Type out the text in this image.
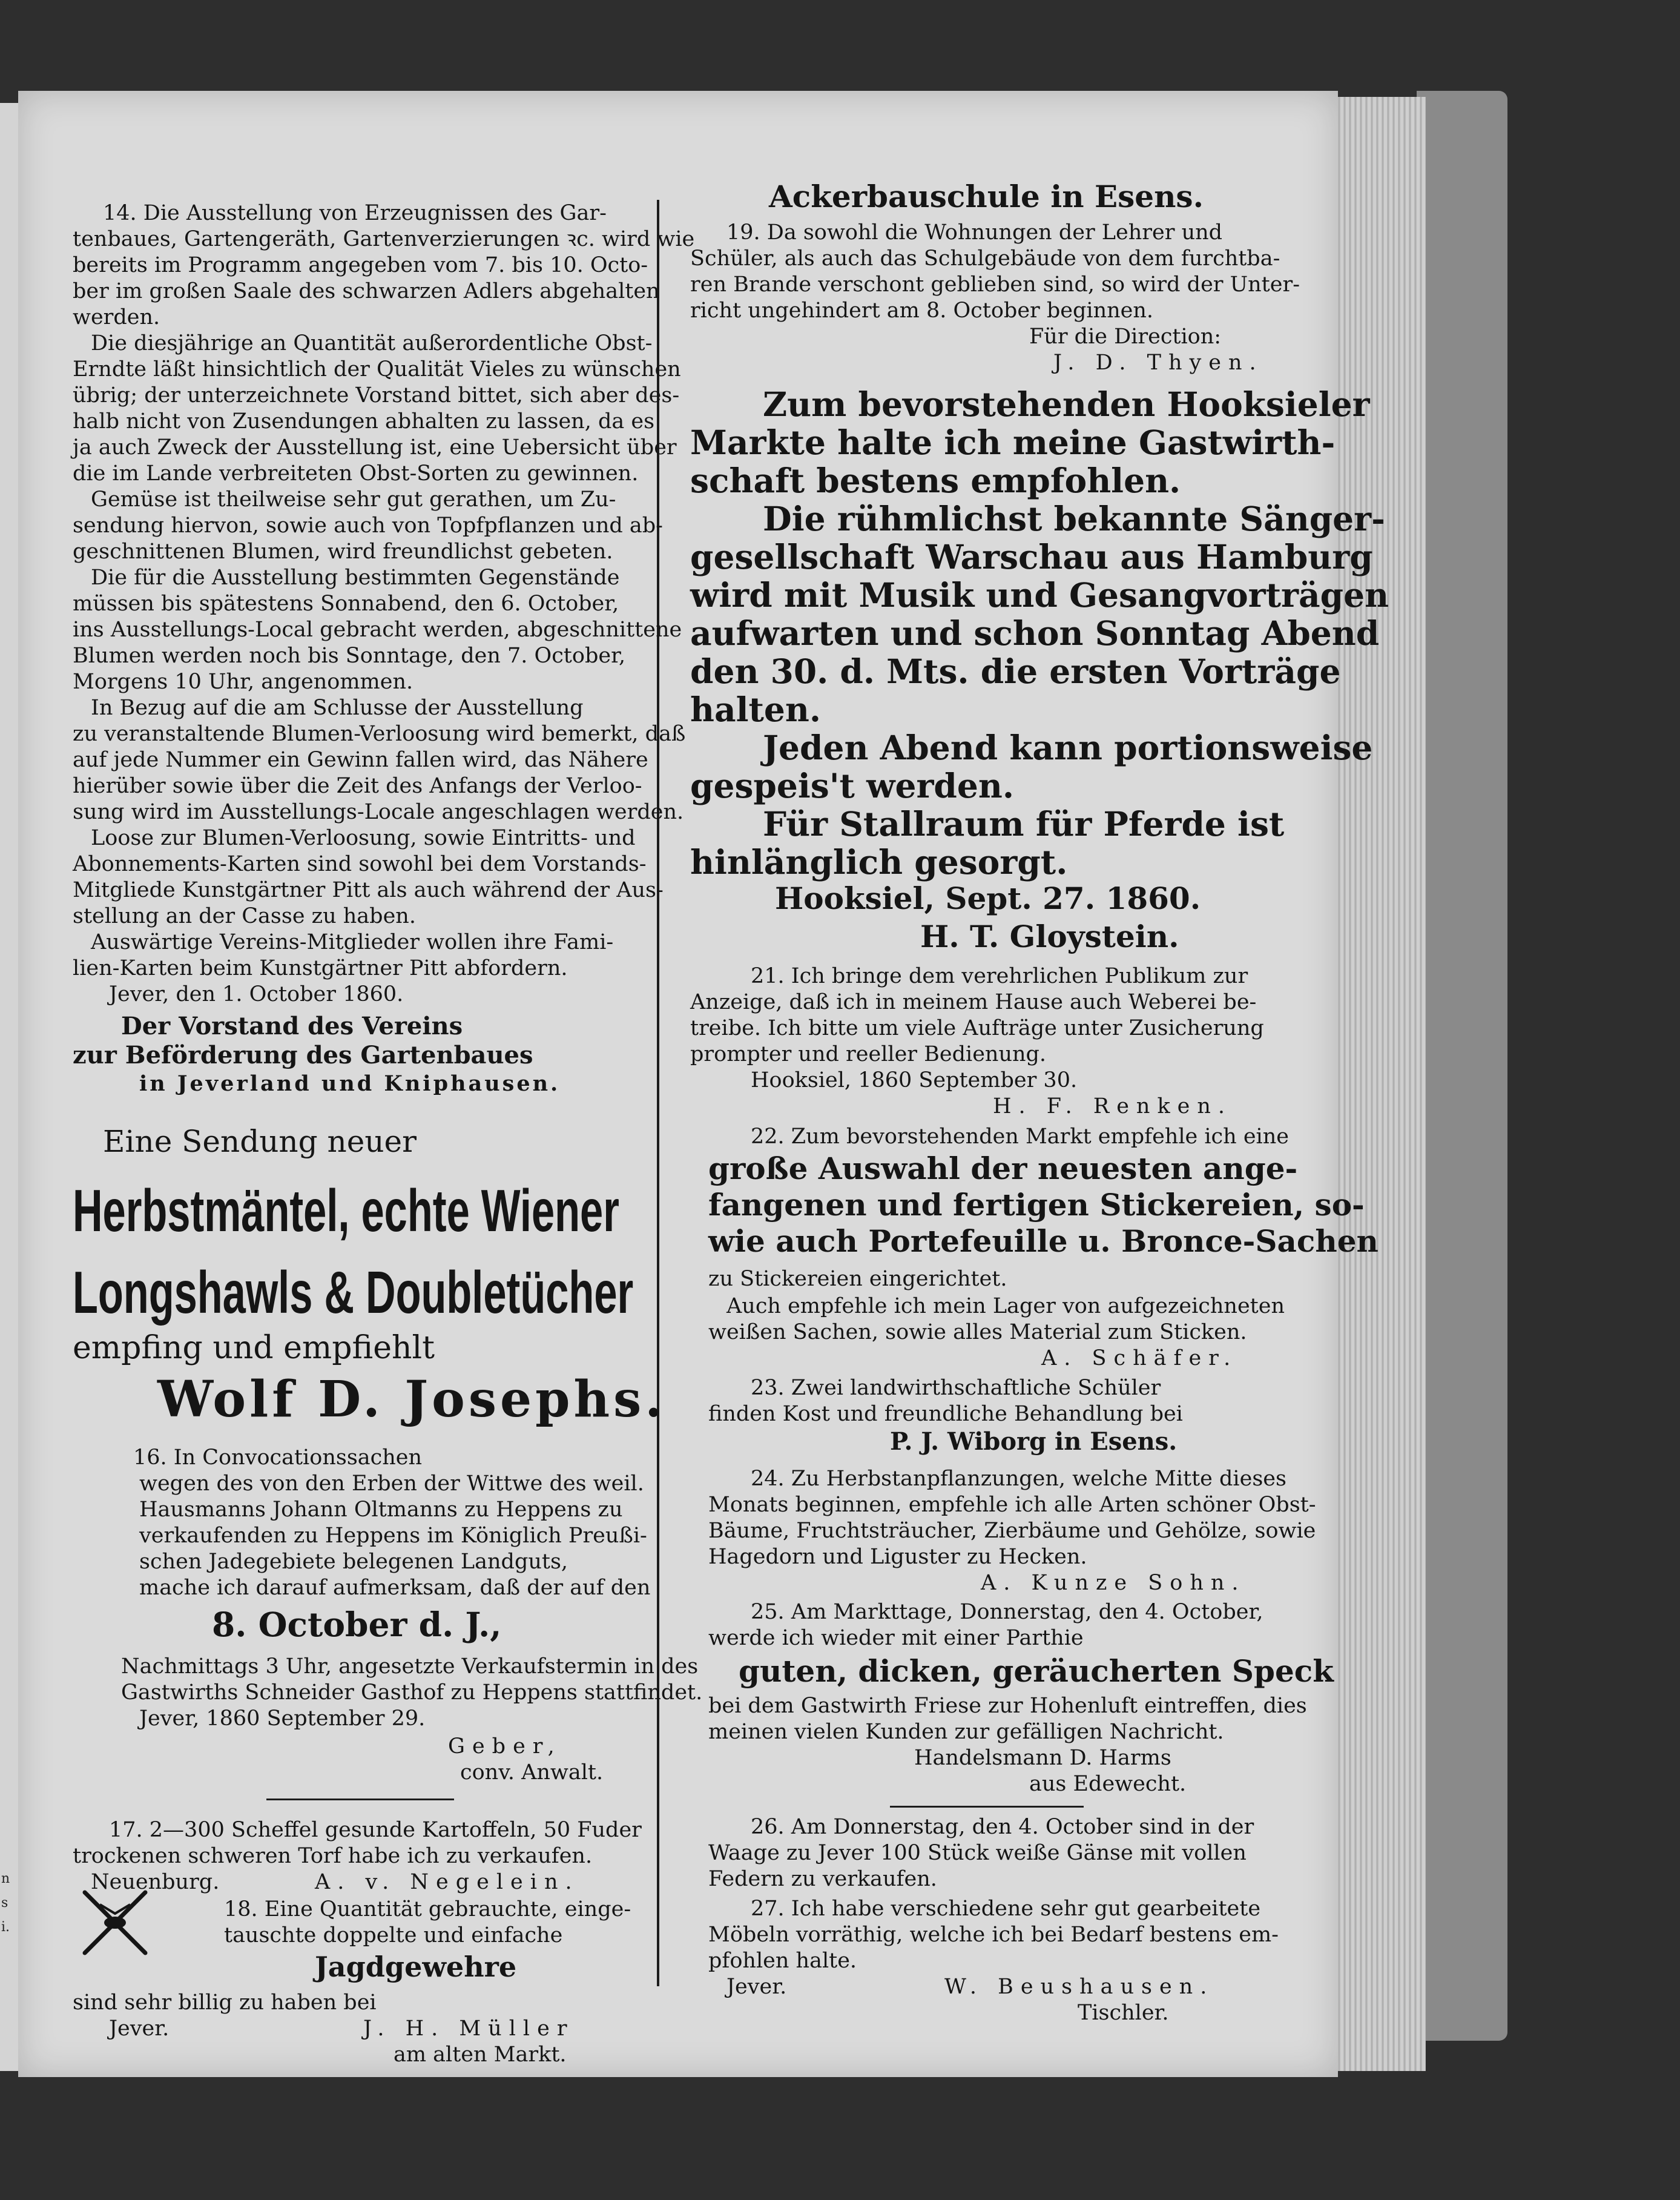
n
s
i.
14. Die Ausstellung von Erzeugnissen des Gar-
tenbaues, Gartengeräth, Gartenverzierungen ꝛc. wird wie
bereits im Programm angegeben vom 7. bis 10. Octo-
ber im großen Saale des schwarzen Adlers abgehalten
werden.
Die diesjährige an Quantität außerordentliche Obst-
Erndte läßt hinsichtlich der Qualität Vieles zu wünschen
übrig; der unterzeichnete Vorstand bittet, sich aber des-
halb nicht von Zusendungen abhalten zu lassen, da es
ja auch Zweck der Ausstellung ist, eine Uebersicht über
die im Lande verbreiteten Obst-Sorten zu gewinnen.
Gemüse ist theilweise sehr gut gerathen, um Zu-
sendung hiervon, sowie auch von Topfpflanzen und ab-
geschnittenen Blumen, wird freundlichst gebeten.
Die für die Ausstellung bestimmten Gegenstände
müssen bis spätestens Sonnabend, den 6. October,
ins Ausstellungs-Local gebracht werden, abgeschnittene
Blumen werden noch bis Sonntage, den 7. October,
Morgens 10 Uhr, angenommen.
In Bezug auf die am Schlusse der Ausstellung
zu veranstaltende Blumen-Verloosung wird bemerkt, daß
auf jede Nummer ein Gewinn fallen wird, das Nähere
hierüber sowie über die Zeit des Anfangs der Verloo-
sung wird im Ausstellungs-Locale angeschlagen werden.
Loose zur Blumen-Verloosung, sowie Eintritts- und
Abonnements-Karten sind sowohl bei dem Vorstands-
Mitgliede Kunstgärtner Pitt als auch während der Aus-
stellung an der Casse zu haben.
Auswärtige Vereins-Mitglieder wollen ihre Fami-
lien-Karten beim Kunstgärtner Pitt abfordern.
Jever, den 1. October 1860.
Der Vorstand des Vereins
zur Beförderung des Gartenbaues
in Jeverland und Kniphausen.
Eine Sendung neuer
Herbstmäntel, echte Wiener
Longshawls & Doubletücher
empfing und empfiehlt
Wolf D. Josephs.
16. In Convocationssachen
wegen des von den Erben der Wittwe des weil.
Hausmanns Johann Oltmanns zu Heppens zu
verkaufenden zu Heppens im Königlich Preußi-
schen Jadegebiete belegenen Landguts,
mache ich darauf aufmerksam, daß der auf den
8. October d. J.,
Nachmittags 3 Uhr, angesetzte Verkaufstermin in des
Gastwirths Schneider Gasthof zu Heppens stattfindet.
Jever, 1860 September 29.
Geber,
conv. Anwalt.
17. 2—300 Scheffel gesunde Kartoffeln, 50 Fuder
trockenen schweren Torf habe ich zu verkaufen.
Neuenburg.	A. v. Negelein.
18. Eine Quantität gebrauchte, einge-
tauschte doppelte und einfache
Jagdgewehre
sind sehr billig zu haben bei
Jever.	J. H. Müller
am alten Markt.
Ackerbauschule in Esens.
19. Da sowohl die Wohnungen der Lehrer und
Schüler, als auch das Schulgebäude von dem furchtba-
ren Brande verschont geblieben sind, so wird der Unter-
richt ungehindert am 8. October beginnen.
Für die Direction:
J. D. Thyen.
Zum bevorstehenden Hooksieler
Markte halte ich meine Gastwirth-
schaft bestens empfohlen.
Die rühmlichst bekannte Sänger-
gesellschaft Warschau aus Hamburg
wird mit Musik und Gesangvorträgen
aufwarten und schon Sonntag Abend
den 30. d. Mts. die ersten Vorträge
halten.
Jeden Abend kann portionsweise
gespeis't werden.
Für Stallraum für Pferde ist
hinlänglich gesorgt.
Hooksiel, Sept. 27. 1860.
H. T. Gloystein.
21. Ich bringe dem verehrlichen Publikum zur
Anzeige, daß ich in meinem Hause auch Weberei be-
treibe. Ich bitte um viele Aufträge unter Zusicherung
prompter und reeller Bedienung.
Hooksiel, 1860 September 30.
H. F. Renken.
22. Zum bevorstehenden Markt empfehle ich eine
große Auswahl der neuesten ange-
fangenen und fertigen Stickereien, so-
wie auch Portefeuille u. Bronce-Sachen
zu Stickereien eingerichtet.
Auch empfehle ich mein Lager von aufgezeichneten
weißen Sachen, sowie alles Material zum Sticken.
A. Schäfer.
23. Zwei landwirthschaftliche Schüler
finden Kost und freundliche Behandlung bei
P. J. Wiborg in Esens.
24. Zu Herbstanpflanzungen, welche Mitte dieses
Monats beginnen, empfehle ich alle Arten schöner Obst-
Bäume, Fruchtsträucher, Zierbäume und Gehölze, sowie
Hagedorn und Liguster zu Hecken.
A. Kunze Sohn.
25. Am Markttage, Donnerstag, den 4. October,
werde ich wieder mit einer Parthie
guten, dicken, geräucherten Speck
bei dem Gastwirth Friese zur Hohenluft eintreffen, dies
meinen vielen Kunden zur gefälligen Nachricht.
Handelsmann D. Harms
aus Edewecht.
26. Am Donnerstag, den 4. October sind in der
Waage zu Jever 100 Stück weiße Gänse mit vollen
Federn zu verkaufen.
27. Ich habe verschiedene sehr gut gearbeitete
Möbeln vorräthig, welche ich bei Bedarf bestens em-
pfohlen halte.
Jever.	W. Beushausen.
Tischler.
